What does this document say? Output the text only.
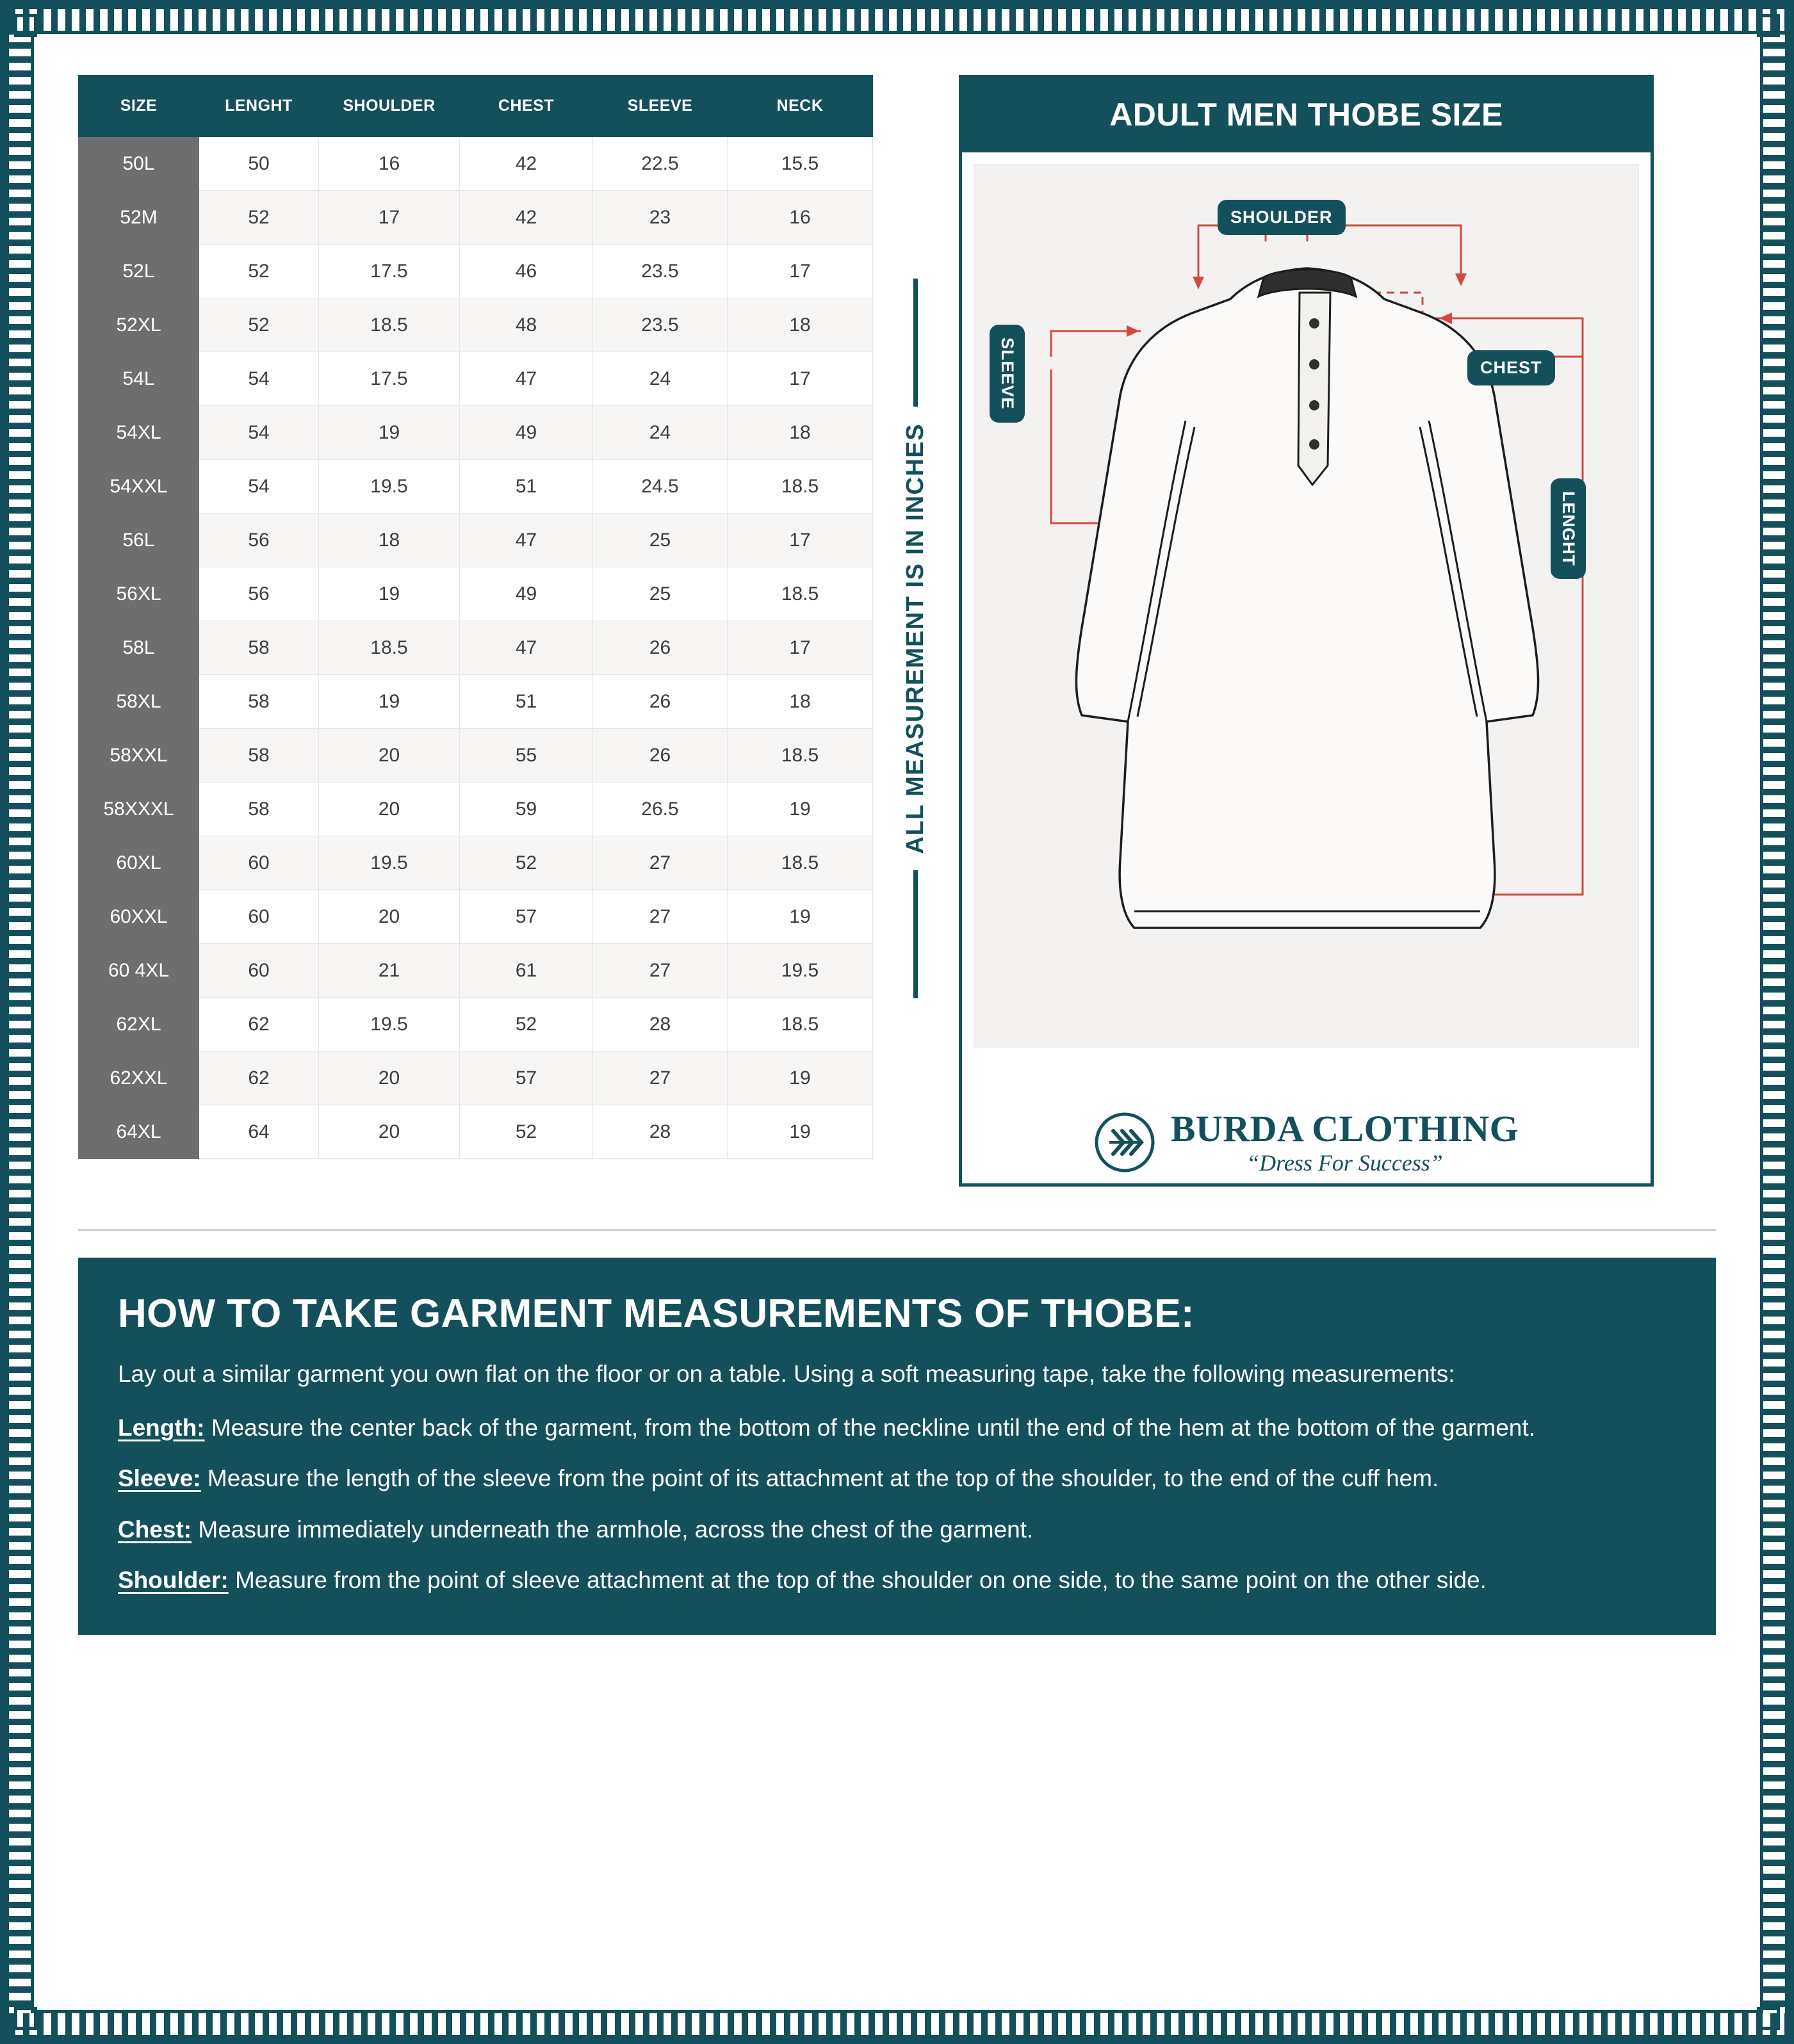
SIZE	LENGHT	SHOULDER	CHEST	SLEEVE	NECK
50L	50	16	42	22.5	15.5
52M	52	17	42	23	16
52L	52	17.5	46	23.5	17
52XL	52	18.5	48	23.5	18
54L	54	17.5	47	24	17
54XL	54	19	49	24	18
54XXL	54	19.5	51	24.5	18.5
56L	56	18	47	25	17
56XL	56	19	49	25	18.5
58L	58	18.5	47	26	17
58XL	58	19	51	26	18
58XXL	58	20	55	26	18.5
58XXXL	58	20	59	26.5	19
60XL	60	19.5	52	27	18.5
60XXL	60	20	57	27	19
60 4XL	60	21	61	27	19.5
62XL	62	19.5	52	28	18.5
62XXL	62	20	57	27	19
64XL	64	20	52	28	19
ALL MEASUREMENT IS IN INCHES
ADULT MEN THOBE SIZE
SHOULDER
CHEST
SLEEVE
LENGHT
BURDA CLOTHING
“Dress For Success”
HOW TO TAKE GARMENT MEASUREMENTS OF THOBE:

Lay out a similar garment you own flat on the floor or on a table. Using a soft measuring tape, take the following measurements:

Length: Measure the center back of the garment, from the bottom of the neckline until the end of the hem at the bottom of the garment.

Sleeve: Measure the length of the sleeve from the point of its attachment at the top of the shoulder, to the end of the cuff hem.

Chest: Measure immediately underneath the armhole, across the chest of the garment.

Shoulder: Measure from the point of sleeve attachment at the top of the shoulder on one side, to the same point on the other side.
